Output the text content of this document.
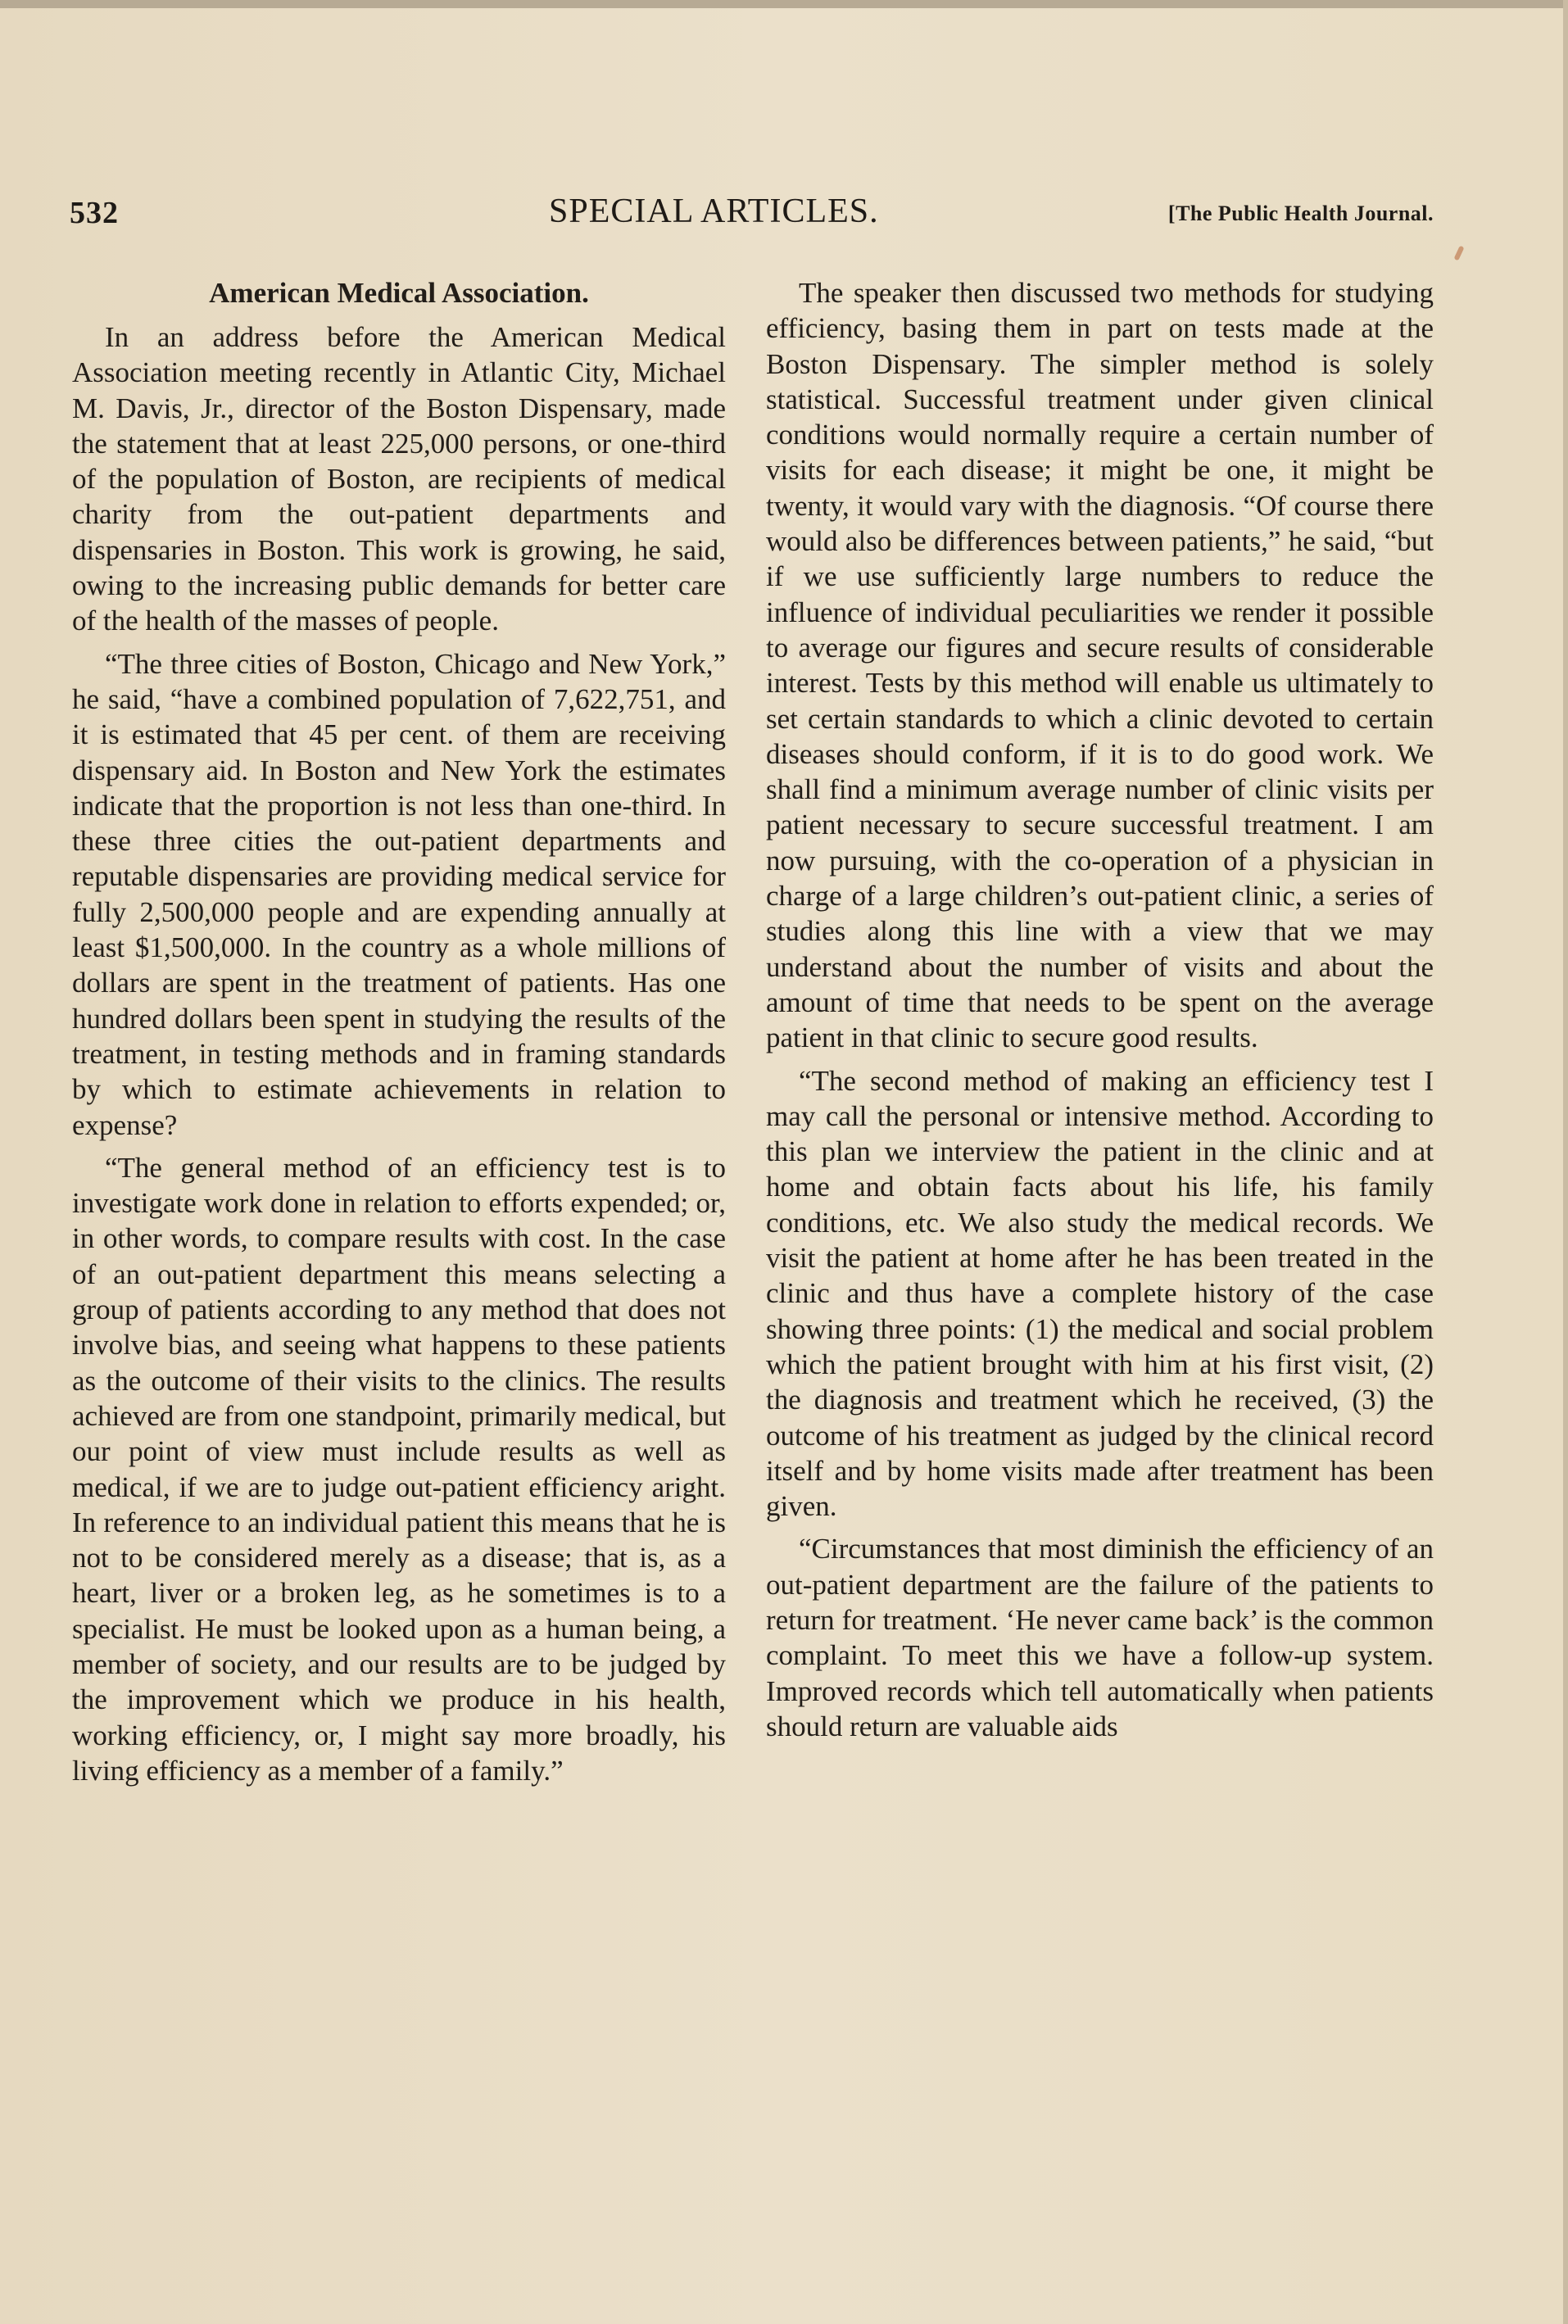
532	SPECIAL ARTICLES.	[The Public Health Journal.
American Medical Association.

In an address before the American Medical Association meeting recently in Atlantic City, Michael M. Davis, Jr., director of the Boston Dispensary, made the statement that at least 225,000 persons, or one-third of the population of Boston, are recipients of medical charity from the out-patient departments and dispensaries in Boston. This work is growing, he said, owing to the increasing public demands for better care of the health of the masses of people.

“The three cities of Boston, Chicago and New York,” he said, “have a combined population of 7,622,751, and it is estimated that 45 per cent. of them are receiving dispensary aid. In Boston and New York the estimates indicate that the proportion is not less than one-third. In these three cities the out-patient departments and reputable dispensaries are providing medical service for fully 2,500,000 people and are expending annually at least $1,500,000. In the country as a whole millions of dollars are spent in the treatment of patients. Has one hundred dollars been spent in studying the results of the treatment, in testing methods and in framing standards by which to estimate achievements in relation to expense?

“The general method of an efficiency test is to investigate work done in relation to efforts expended; or, in other words, to compare results with cost. In the case of an out-patient department this means selecting a group of patients according to any method that does not involve bias, and seeing what happens to these patients as the outcome of their visits to the clinics. The results achieved are from one standpoint, primarily medical, but our point of view must include results as well as medical, if we are to judge out-patient efficiency aright. In reference to an individual patient this means that he is not to be considered merely as a disease; that is, as a heart, liver or a broken leg, as he sometimes is to a specialist. He must be looked upon as a human being, a member of society, and our results are to be judged by the improvement which we produce in his health, working efficiency, or, I might say more broadly, his living efficiency as a member of a family.”

The speaker then discussed two methods for studying efficiency, basing them in part on tests made at the Boston Dispensary. The simpler method is solely statistical. Successful treatment under given clinical conditions would normally require a certain number of visits for each disease; it might be one, it might be twenty, it would vary with the diagnosis. “Of course there would also be differences between patients,” he said, “but if we use sufficiently large numbers to reduce the influence of individual peculiarities we render it possible to average our figures and secure results of considerable interest. Tests by this method will enable us ultimately to set certain standards to which a clinic devoted to certain diseases should conform, if it is to do good work. We shall find a minimum average number of clinic visits per patient necessary to secure successful treatment. I am now pursuing, with the co-operation of a physician in charge of a large children’s out-patient clinic, a series of studies along this line with a view that we may understand about the number of visits and about the amount of time that needs to be spent on the average patient in that clinic to secure good results.

“The second method of making an efficiency test I may call the personal or intensive method. According to this plan we interview the patient in the clinic and at home and obtain facts about his life, his family conditions, etc. We also study the medical records. We visit the patient at home after he has been treated in the clinic and thus have a complete history of the case showing three points: (1) the medical and social problem which the patient brought with him at his first visit, (2) the diagnosis and treatment which he received, (3) the outcome of his treatment as judged by the clinical record itself and by home visits made after treatment has been given.

“Circumstances that most diminish the efficiency of an out-patient department are the failure of the patients to return for treatment. ‘He never came back’ is the common complaint. To meet this we have a follow-up system. Improved records which tell automatically when patients should return are valuable aids
